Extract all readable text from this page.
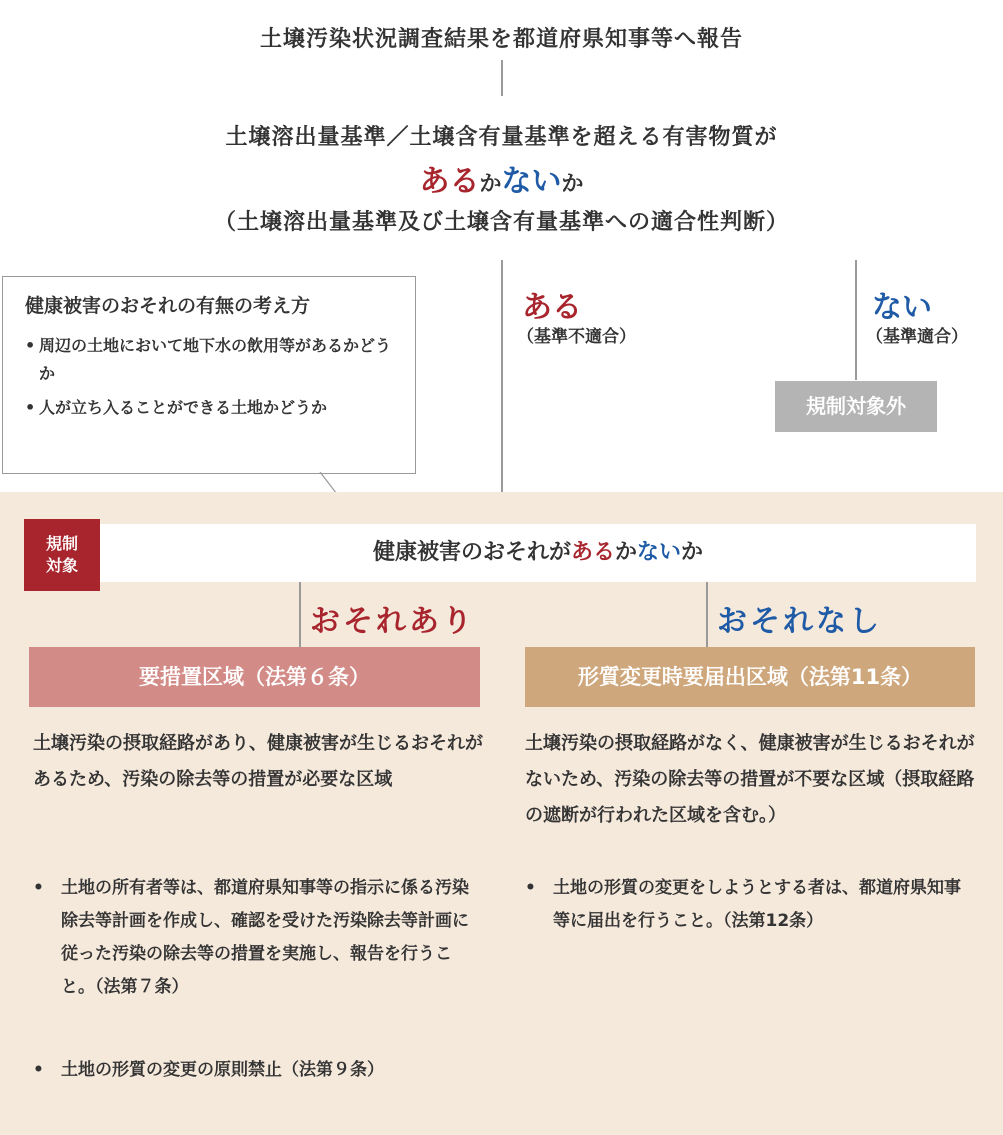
土壌汚染状況調査結果を都道府県知事等へ報告
土壌溶出量基準／土壌含有量基準を超える有害物質が
あるかないか
（土壌溶出量基準及び土壌含有量基準への適合性判断）
健康被害のおそれの有無の考え方
• 周辺の土地において地下水の飲用等があるかどうか
• 人が立ち入ることができる土地かどうか
ある
（基準不適合）
ない
（基準適合）
規制対象外
健康被害のおそれがあるかないか
規制
対象
おそれあり	おそれなし
要措置区域（法第６条）	形質変更時要届出区域（法第11条）
土壌汚染の摂取経路があり、健康被害が生じるおそれがあるため、汚染の除去等の措置が必要な区域
土壌汚染の摂取経路がなく、健康被害が生じるおそれがないため、汚染の除去等の措置が不要な区域（摂取経路の遮断が行われた区域を含む。）
• 土地の所有者等は、都道府県知事等の指示に係る汚染除去等計画を作成し、確認を受けた汚染除去等計画に従った汚染の除去等の措置を実施し、報告を行うこと。（法第７条）
• 土地の形質の変更の原則禁止（法第９条）
• 土地の形質の変更をしようとする者は、都道府県知事等に届出を行うこと。（法第12条）
